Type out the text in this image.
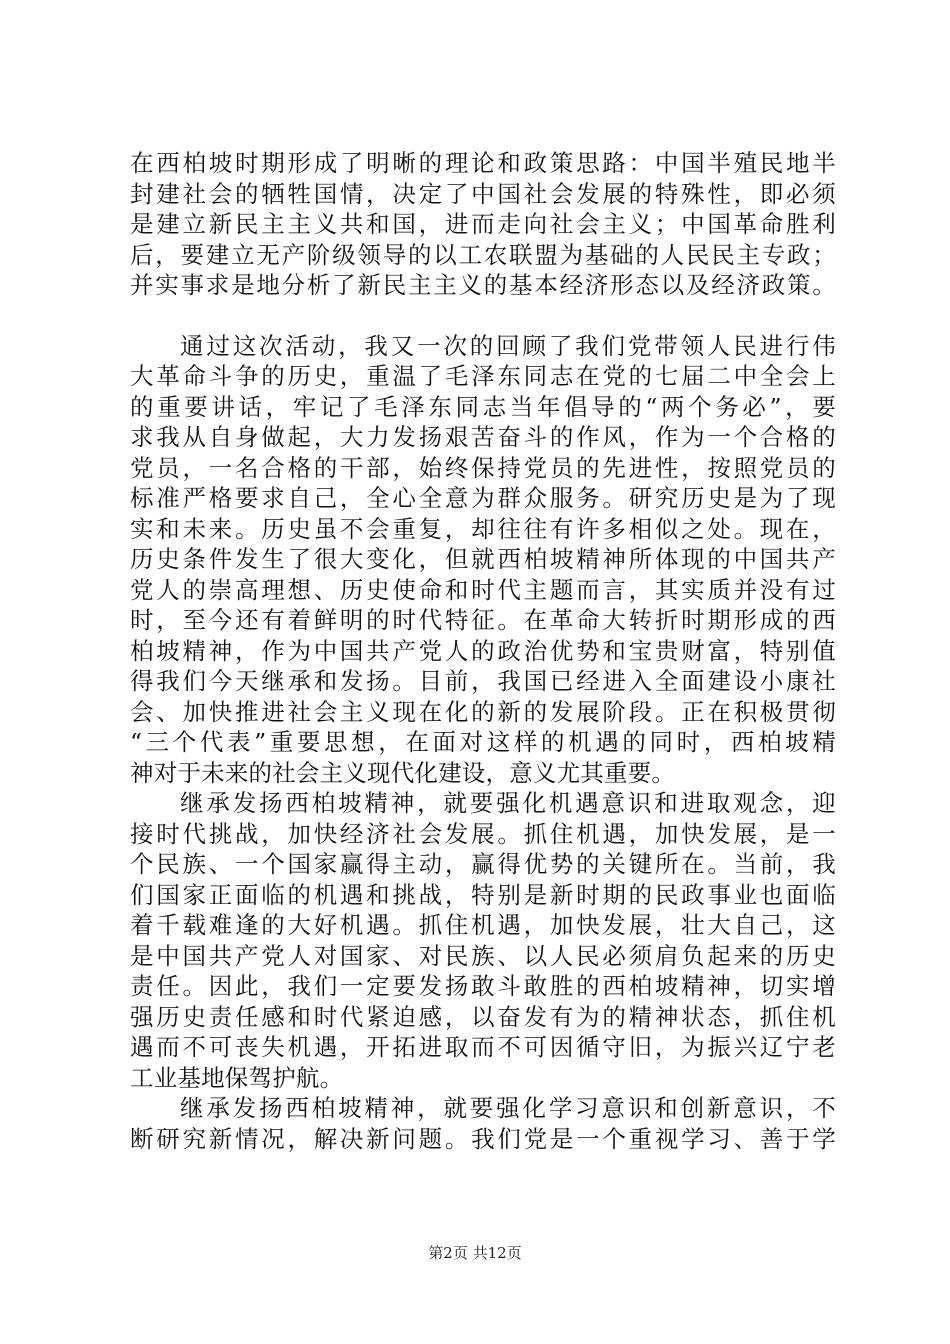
在西柏坡时期形成了明晰的理论和政策思路：中国半殖民地半
封建社会的牺牲国情，决定了中国社会发展的特殊性，即必须
是建立新民主主义共和国，进而走向社会主义；中国革命胜利
后，要建立无产阶级领导的以工农联盟为基础的人民民主专政；
并实事求是地分析了新民主主义的基本经济形态以及经济政策。
通过这次活动，我又一次的回顾了我们党带领人民进行伟
大革命斗争的历史，重温了毛泽东同志在党的七届二中全会上
的重要讲话，牢记了毛泽东同志当年倡导的“两个务必”，要
求我从自身做起，大力发扬艰苦奋斗的作风，作为一个合格的
党员，一名合格的干部，始终保持党员的先进性，按照党员的
标准严格要求自己，全心全意为群众服务。研究历史是为了现
实和未来。历史虽不会重复，却往往有许多相似之处。现在，
历史条件发生了很大变化，但就西柏坡精神所体现的中国共产
党人的崇高理想、历史使命和时代主题而言，其实质并没有过
时，至今还有着鲜明的时代特征。在革命大转折时期形成的西
柏坡精神，作为中国共产党人的政治优势和宝贵财富，特别值
得我们今天继承和发扬。目前，我国已经进入全面建设小康社
会、加快推进社会主义现在化的新的发展阶段。正在积极贯彻
“三个代表”重要思想，在面对这样的机遇的同时，西柏坡精
神对于未来的社会主义现代化建设，意义尤其重要。
继承发扬西柏坡精神，就要强化机遇意识和进取观念，迎
接时代挑战，加快经济社会发展。抓住机遇，加快发展，是一
个民族、一个国家赢得主动，赢得优势的关键所在。当前，我
们国家正面临的机遇和挑战，特别是新时期的民政事业也面临
着千载难逢的大好机遇。抓住机遇，加快发展，壮大自己，这
是中国共产党人对国家、对民族、以人民必须肩负起来的历史
责任。因此，我们一定要发扬敢斗敢胜的西柏坡精神，切实增
强历史责任感和时代紧迫感，以奋发有为的精神状态，抓住机
遇而不可丧失机遇，开拓进取而不可因循守旧，为振兴辽宁老
工业基地保驾护航。
继承发扬西柏坡精神，就要强化学习意识和创新意识，不
断研究新情况，解决新问题。我们党是一个重视学习、善于学
第2页 共12页
